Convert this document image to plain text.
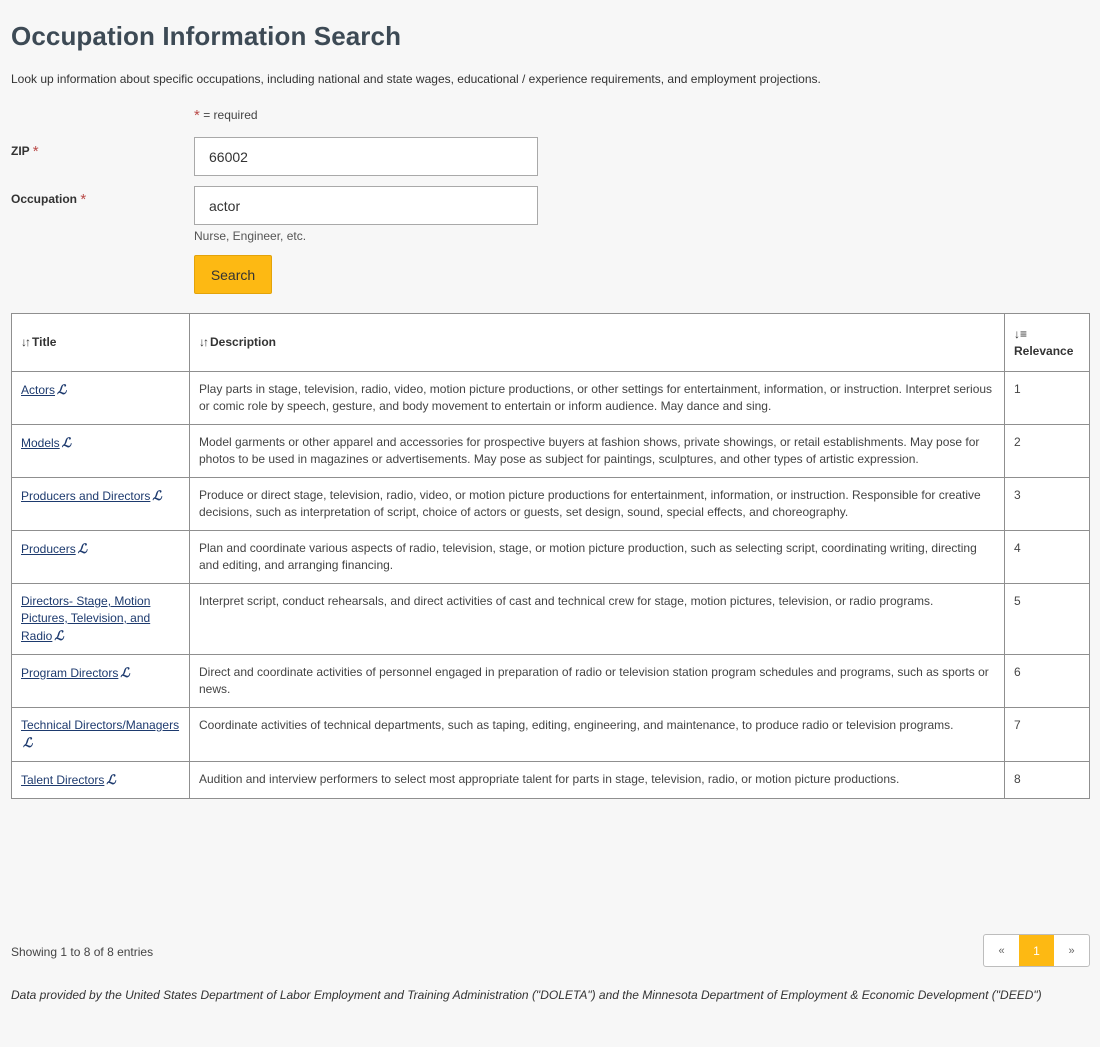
Occupation Information Search
Look up information about specific occupations, including national and state wages, educational / experience requirements, and employment projections.
* = required
ZIP *
66002
Occupation *
actor
Nurse, Engineer, etc.
Search
↓↑ Title	↓↑ Description	↓≡
Relevance
Actors ℒ	Play parts in stage, television, radio, video, motion picture productions, or other settings for entertainment, information, or instruction. Interpret serious or comic role by speech, gesture, and body movement to entertain or inform audience. May dance and sing.	1
Models ℒ	Model garments or other apparel and accessories for prospective buyers at fashion shows, private showings, or retail establishments. May pose for photos to be used in magazines or advertisements. May pose as subject for paintings, sculptures, and other types of artistic expression.	2
Producers and Directors ℒ	Produce or direct stage, television, radio, video, or motion picture productions for entertainment, information, or instruction. Responsible for creative decisions, such as interpretation of script, choice of actors or guests, set design, sound, special effects, and choreography.	3
Producers ℒ	Plan and coordinate various aspects of radio, television, stage, or motion picture production, such as selecting script, coordinating writing, directing and editing, and arranging financing.	4
Directors- Stage, Motion Pictures, Television, and Radio ℒ	Interpret script, conduct rehearsals, and direct activities of cast and technical crew for stage, motion pictures, television, or radio programs.	5
Program Directors ℒ	Direct and coordinate activities of personnel engaged in preparation of radio or television station program schedules and programs, such as sports or news.	6
Technical Directors/Managersℒ	Coordinate activities of technical departments, such as taping, editing, engineering, and maintenance, to produce radio or television programs.	7
Talent Directors ℒ	Audition and interview performers to select most appropriate talent for parts in stage, television, radio, or motion picture productions.	8
Showing 1 to 8 of 8 entries	«	1	»
Data provided by the United States Department of Labor Employment and Training Administration ("DOLETA") and the Minnesota Department of Employment & Economic Development ("DEED")
